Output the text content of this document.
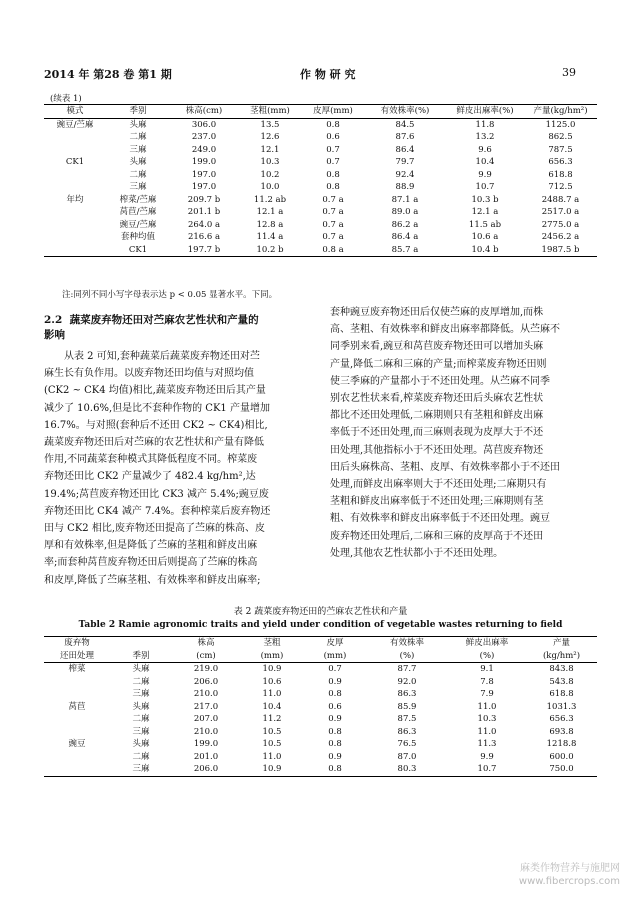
2014 年 第28 卷 第1 期	作 物 研 究	39
(续表 1)
模式	季别	株高(cm)	茎粗(mm)	皮厚(mm)	有效株率(%)	鲜皮出麻率(%)	产量(kg/hm²)
豌豆/苎麻	头麻	306.0	13.5	0.8	84.5	11.8	1125.0
	二麻	237.0	12.6	0.6	87.6	13.2	862.5
	三麻	249.0	12.1	0.7	86.4	9.6	787.5
CK1	头麻	199.0	10.3	0.7	79.7	10.4	656.3
	二麻	197.0	10.2	0.8	92.4	9.9	618.8
	三麻	197.0	10.0	0.8	88.9	10.7	712.5
年均	榨菜/苎麻	209.7 b	11.2 ab	0.7 a	87.1 a	10.3 b	2488.7 a
	莴苣/苎麻	201.1 b	12.1 a	0.7 a	89.0 a	12.1 a	2517.0 a
	豌豆/苎麻	264.0 a	12.8 a	0.7 a	86.2 a	11.5 ab	2775.0 a
	套种均值	216.6 a	11.4 a	0.7 a	86.4 a	10.6 a	2456.2 a
	CK1	197.7 b	10.2 b	0.8 a	85.7 a	10.4 b	1987.5 b
注:同列不同小写字母表示达 p < 0.05 显著水平。下同。
2.2 蔬菜废弃物还田对苎麻农艺性状和产量的
影响
从表 2 可知,套种蔬菜后蔬菜废弃物还田对苎
麻生长有负作用。以废弃物还田均值与对照均值
(CK2 ~ CK4 均值)相比,蔬菜废弃物还田后其产量
减少了 10.6%,但是比不套种作物的 CK1 产量增加
16.7%。与对照(套种后不还田 CK2 ~ CK4)相比,
蔬菜废弃物还田后对苎麻的农艺性状和产量有降低
作用,不同蔬菜套种模式其降低程度不同。榨菜废
弃物还田比 CK2 产量减少了 482.4 kg/hm²,达
19.4%;莴苣废弃物还田比 CK3 减产 5.4%;豌豆废
弃物还田比 CK4 减产 7.4%。套种榨菜后废弃物还
田与 CK2 相比,废弃物还田提高了苎麻的株高、皮
厚和有效株率,但是降低了苎麻的茎粗和鲜皮出麻
率;而套种莴苣废弃物还田后则提高了苎麻的株高
和皮厚,降低了苎麻茎粗、有效株率和鲜皮出麻率;
套种豌豆废弃物还田后仅使苎麻的皮厚增加,而株
高、茎粗、有效株率和鲜皮出麻率都降低。从苎麻不
同季别来看,豌豆和莴苣废弃物还田可以增加头麻
产量,降低二麻和三麻的产量;而榨菜废弃物还田则
使三季麻的产量都小于不还田处理。从苎麻不同季
别农艺性状来看,榨菜废弃物还田后头麻农艺性状
都比不还田处理低,二麻期则只有茎粗和鲜皮出麻
率低于不还田处理,而三麻则表现为皮厚大于不还
田处理,其他指标小于不还田处理。莴苣废弃物还
田后头麻株高、茎粗、皮厚、有效株率都小于不还田
处理,而鲜皮出麻率则大于不还田处理;二麻期只有
茎粗和鲜皮出麻率低于不还田处理;三麻期则有茎
粗、有效株率和鲜皮出麻率低于不还田处理。豌豆
废弃物还田处理后,二麻和三麻的皮厚高于不还田
处理,其他农艺性状都小于不还田处理。
表 2 蔬菜废弃物还田的苎麻农艺性状和产量
Table 2 Ramie agronomic traits and yield under condition of vegetable wastes returning to field
废弃物		株高	茎粗	皮厚	有效株率	鲜皮出麻率	产量
还田处理	季别	(cm)	(mm)	(mm)	(%)	(%)	(kg/hm²)
榨菜	头麻	219.0	10.9	0.7	87.7	9.1	843.8
	二麻	206.0	10.6	0.9	92.0	7.8	543.8
	三麻	210.0	11.0	0.8	86.3	7.9	618.8
莴苣	头麻	217.0	10.4	0.6	85.9	11.0	1031.3
	二麻	207.0	11.2	0.9	87.5	10.3	656.3
	三麻	210.0	10.5	0.8	86.3	11.0	693.8
豌豆	头麻	199.0	10.5	0.8	76.5	11.3	1218.8
	二麻	201.0	11.0	0.9	87.0	9.9	600.0
	三麻	206.0	10.9	0.8	80.3	10.7	750.0
麻类作物营养与施肥网
www.fibercrops.com
